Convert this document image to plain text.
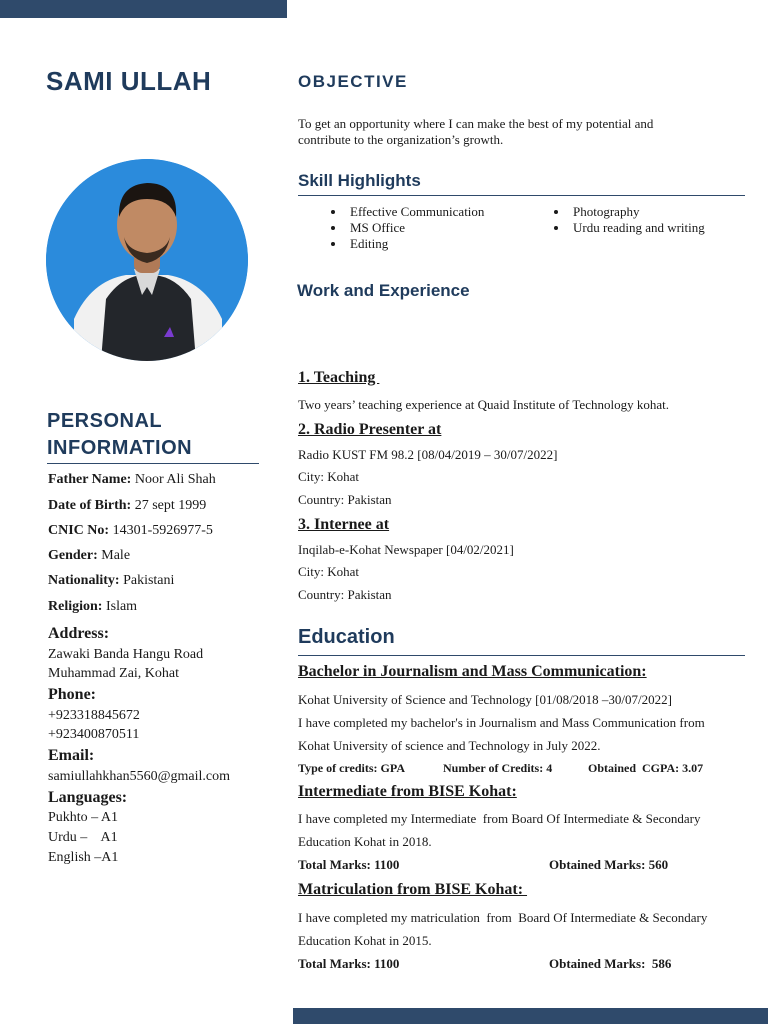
SAMI ULLAH
PERSONAL
INFORMATION
Father Name: Noor Ali Shah
Date of Birth: 27 sept 1999
CNIC No: 14301-5926977-5
Gender: Male
Nationality: Pakistani
Religion: Islam
Address:
Zawaki Banda Hangu Road
Muhammad Zai, Kohat
Phone:
+923318845672
+923400870511
Email:
samiullahkhan5560@gmail.com
Languages:
Pukhto – A1
Urdu –    A1
English –A1
OBJECTIVE
To get an opportunity where I can make the best of my potential and
contribute to the organization’s growth.
Skill Highlights
• Effective Communication
• MS Office
• Editing
• Photography
• Urdu reading and writing
Work and Experience
1. Teaching
Two years’ teaching experience at Quaid Institute of Technology kohat.
2. Radio Presenter at
Radio KUST FM 98.2 [08/04/2019 – 30/07/2022]
City: Kohat
Country: Pakistan
3. Internee at
Inqilab-e-Kohat Newspaper [04/02/2021]
City: Kohat
Country: Pakistan
Education
Bachelor in Journalism and Mass Communication:
Kohat University of Science and Technology [01/08/2018 –30/07/2022]
I have completed my bachelor's in Journalism and Mass Communication from
Kohat University of science and Technology in July 2022.
Type of credits: GPA	Number of Credits: 4	Obtained  CGPA: 3.07
Intermediate from BISE Kohat:
I have completed my Intermediate  from Board Of Intermediate & Secondary
Education Kohat in 2018.
Total Marks: 1100	Obtained Marks: 560
Matriculation from BISE Kohat:
I have completed my matriculation  from  Board Of Intermediate & Secondary
Education Kohat in 2015.
Total Marks: 1100	Obtained Marks:  586
